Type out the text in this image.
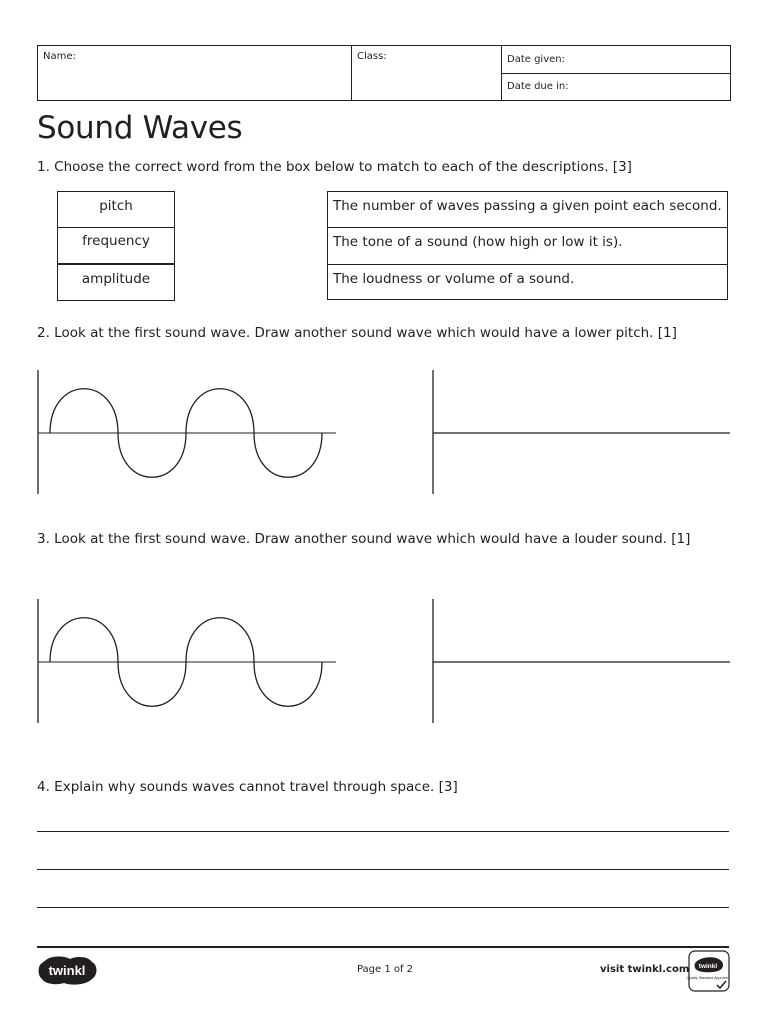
Name:	Class:	Date given:
Date due in:
Sound Waves
1. Choose the correct word from the box below to match to each of the descriptions. [3]
pitch
frequency
amplitude
The number of waves passing a given point each second.
The tone of a sound (how high or low it is).
The loudness or volume of a sound.
2. Look at the first sound wave. Draw another sound wave which would have a lower pitch. [1]
3. Look at the first sound wave. Draw another sound wave which would have a louder sound. [1]
4. Explain why sounds waves cannot travel through space. [3]
twinkl	Page 1 of 2	visit twinkl.com twinkl
Quality Standard Approved
